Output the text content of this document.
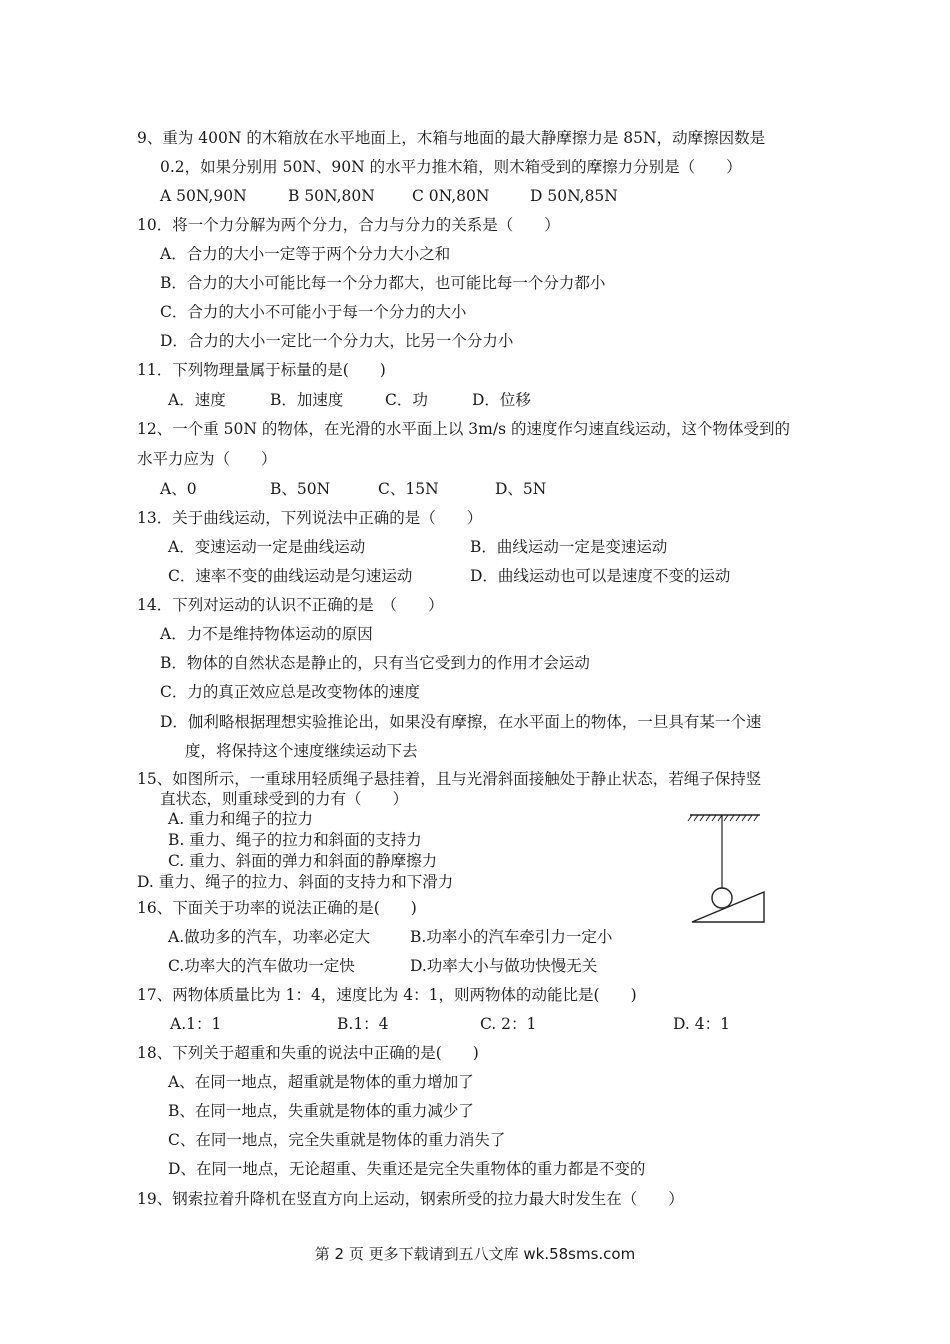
9、重为 400N 的木箱放在水平地面上，木箱与地面的最大静摩擦力是 85N，动摩擦因数是
0.2，如果分别用 50N、90N 的水平力推木箱，则木箱受到的摩擦力分别是（　　）
A 50N,90N	B 50N,80N C 0N,80N	D 50N,85N
10．将一个力分解为两个分力，合力与分力的关系是（　　）
A．合力的大小一定等于两个分力大小之和
B．合力的大小可能比每一个分力都大，也可能比每一个分力都小
C．合力的大小不可能小于每一个分力的大小
D．合力的大小一定比一个分力大，比另一个分力小
11．下列物理量属于标量的是(　　)
A．速度	B．加速度	C．功	D．位移
12、一个重 50N 的物体，在光滑的水平面上以 3m/s 的速度作匀速直线运动，这个物体受到的
水平力应为（　　）
A、0	B、50N	C、15N	D、5N
13．关于曲线运动，下列说法中正确的是（　　）
A．变速运动一定是曲线运动	B．曲线运动一定是变速运动
C．速率不变的曲线运动是匀速运动	D．曲线运动也可以是速度不变的运动
14．下列对运动的认识不正确的是　（　　）
A．力不是维持物体运动的原因
B．物体的自然状态是静止的，只有当它受到力的作用才会运动
C．力的真正效应总是改变物体的速度
D．伽利略根据理想实验推论出，如果没有摩擦，在水平面上的物体，一旦具有某一个速
度，将保持这个速度继续运动下去
15、如图所示，一重球用轻质绳子悬挂着，且与光滑斜面接触处于静止状态，若绳子保持竖
直状态，则重球受到的力有（　　）
A. 重力和绳子的拉力
B. 重力、绳子的拉力和斜面的支持力
C. 重力、斜面的弹力和斜面的静摩擦力
D. 重力、绳子的拉力、斜面的支持力和下滑力
16、下面关于功率的说法正确的是(　　)
A.做功多的汽车，功率必定大	B.功率小的汽车牵引力一定小
C.功率大的汽车做功一定快	D.功率大小与做功快慢无关
17、两物体质量比为 1：4，速度比为 4：1，则两物体的动能比是(　　)
A.1：1	B.1：4	C. 2：1	D. 4：1
18、下列关于超重和失重的说法中正确的是(　　)
A、在同一地点，超重就是物体的重力增加了
B、在同一地点，失重就是物体的重力减少了
C、在同一地点，完全失重就是物体的重力消失了
D、在同一地点，无论超重、失重还是完全失重物体的重力都是不变的
19、钢索拉着升降机在竖直方向上运动，钢索所受的拉力最大时发生在（　　）
第 2 页 更多下载请到五八文库 wk.58sms.com
